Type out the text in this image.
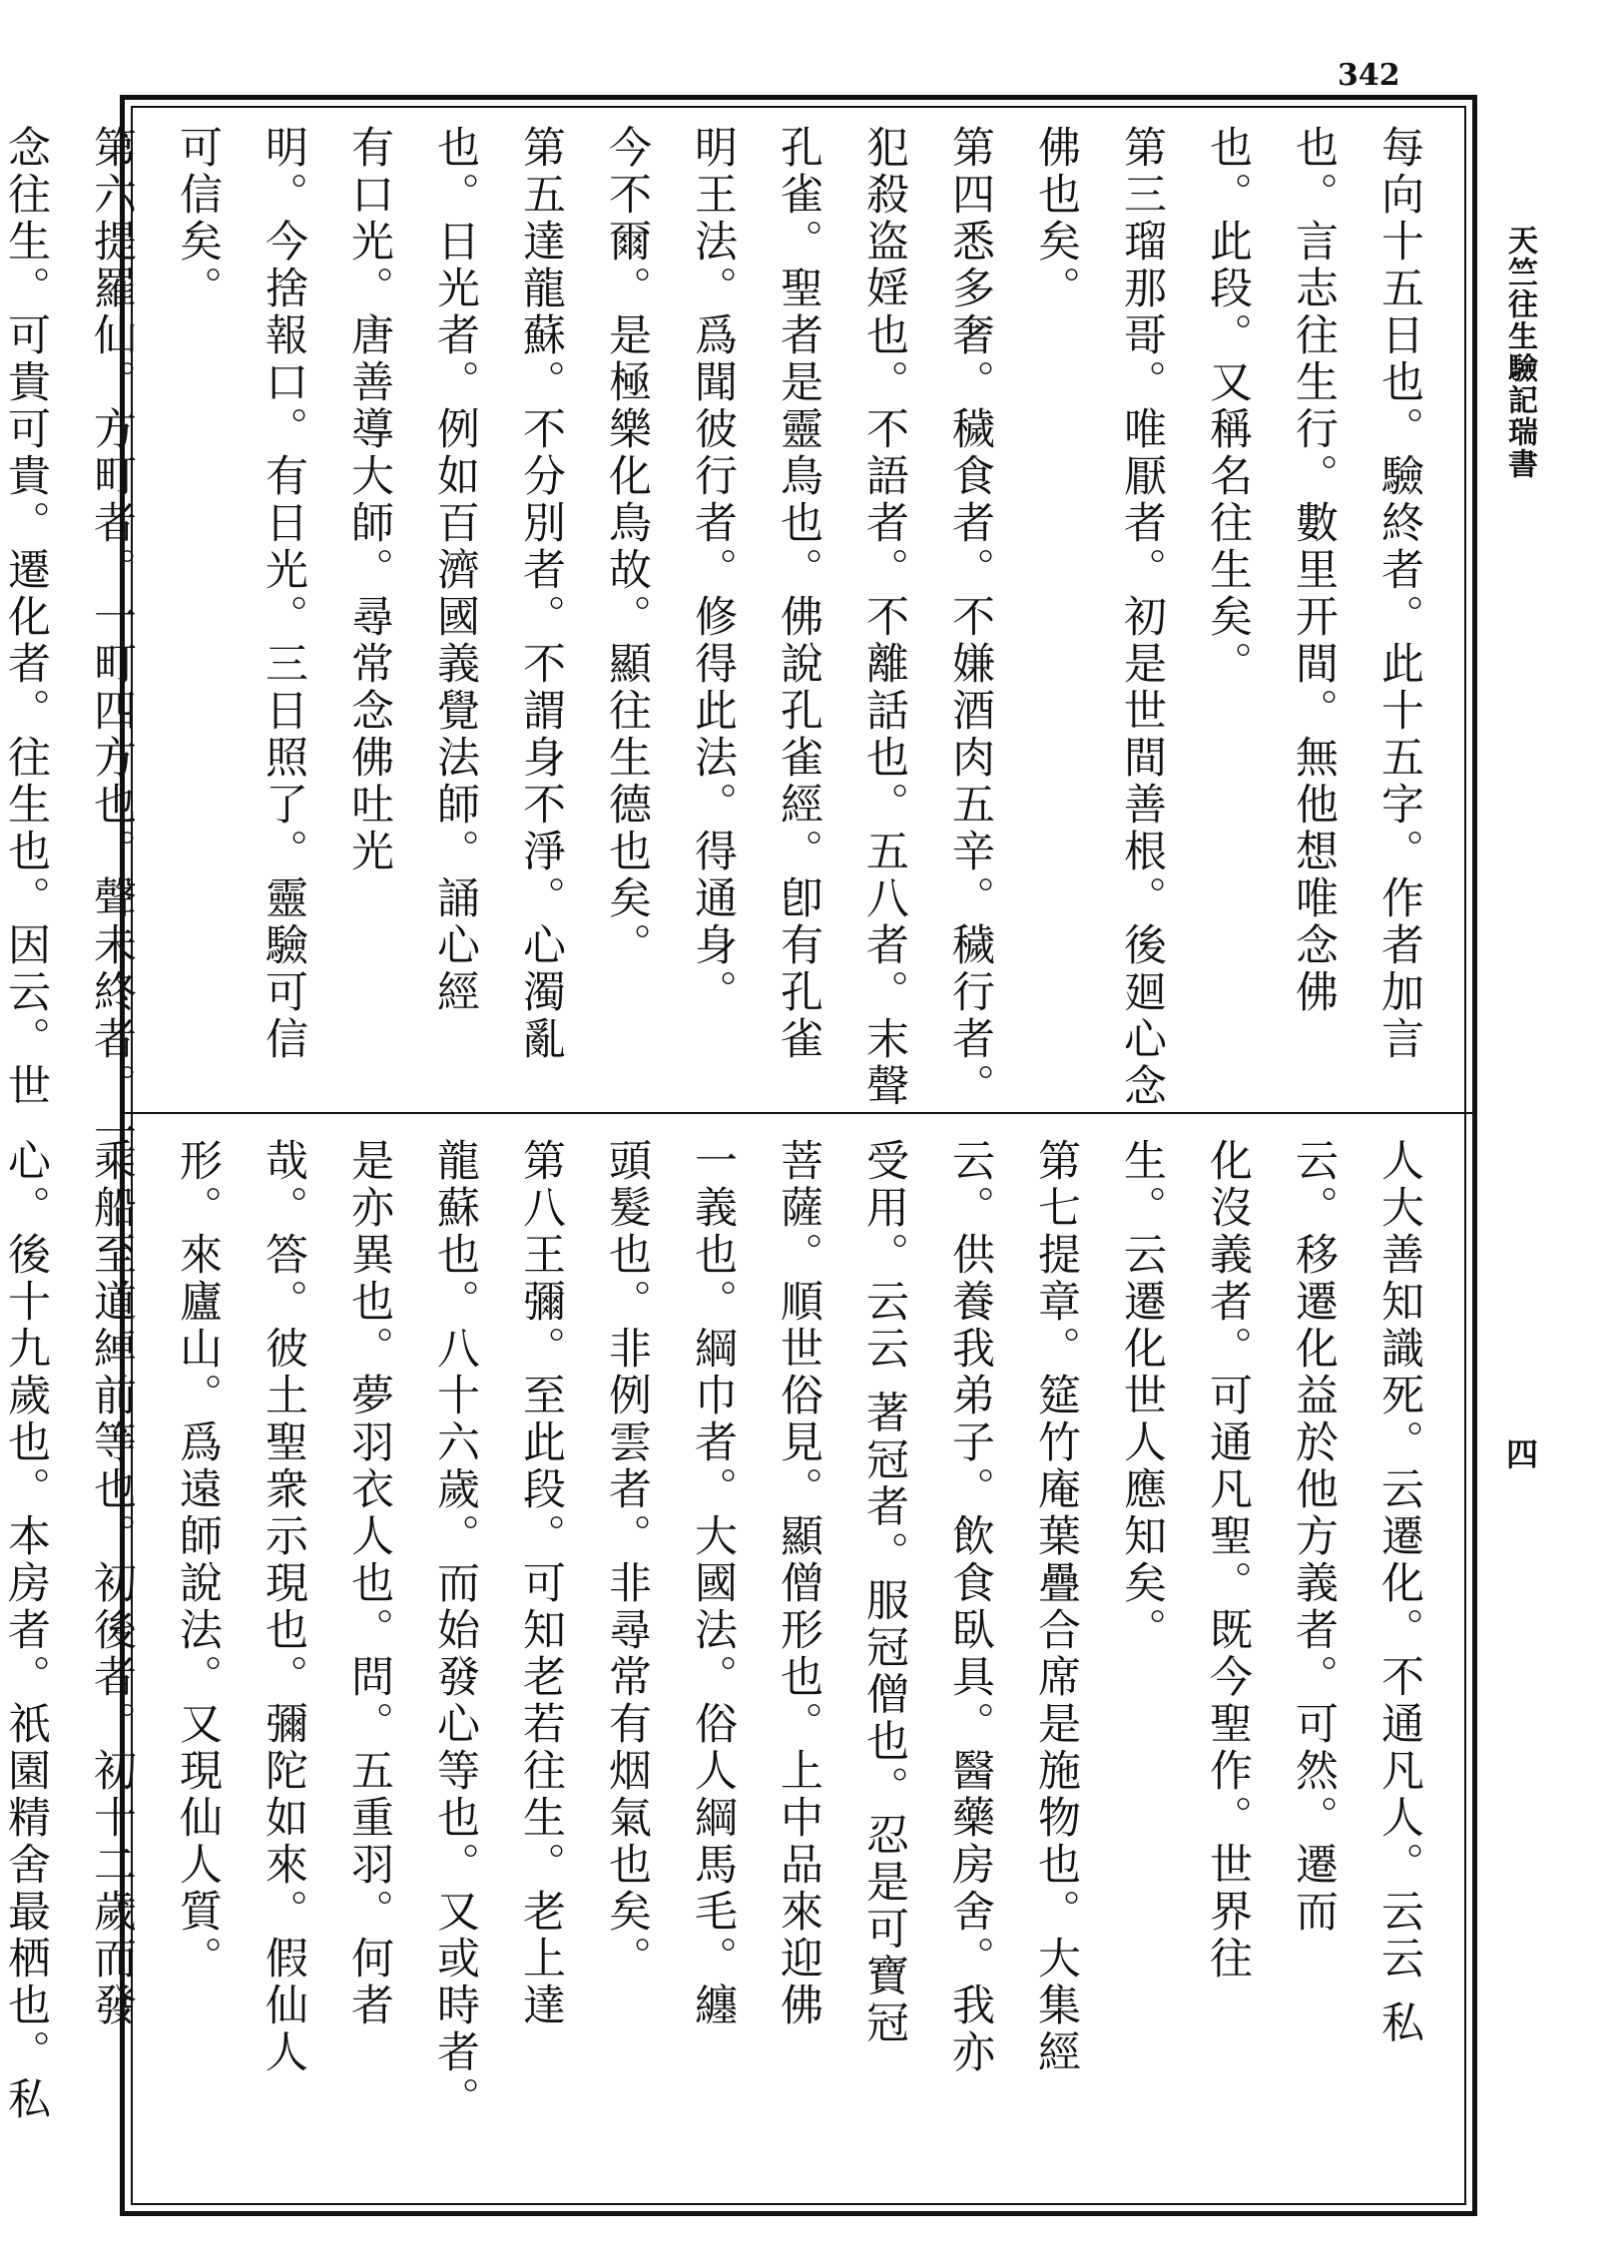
342
每向十五日也。驗終者。此十五字。作者加言
也。言志往生行。數里开間。無他想唯念佛
也。此段。又稱名往生矣。
第三瑠那哥。唯厭者。初是世間善根。後廻心念
佛也矣。
第四悉多奢。穢食者。不嫌酒肉五辛。穢行者。
犯殺盗婬也。不語者。不離話也。五八者。末聲
孔雀。聖者是靈鳥也。佛說孔雀經。卽有孔雀
明王法。爲聞彼行者。修得此法。得通身。
今不爾。是極樂化鳥故。顯往生德也矣。
第五達龍蘇。不分別者。不謂身不淨。心濁亂
也。日光者。例如百濟國義覺法師。誦心經
有口光。唐善導大師。尋常念佛吐光
明。今捨報口。有日光。三日照了。靈驗可信
可信矣。
第六提羅仙。方町者。一町四方也。聲未終者。一
念往生。可貴可貴。遷化者。往生也。因云。世
人大善知識死。云遷化。不通凡人。云云 私
云。移遷化益於他方義者。可然。遷而
化沒義者。可通凡聖。既今聖作。世界往
生。云遷化世人應知矣。
第七提章。筵竹庵葉疊合席是施物也。大集經
云。供養我弟子。飲食臥具。醫藥房舍。我亦
受用。云云 著冠者。服冠僧也。忍是可寶冠
菩薩。順世俗見。顯僧形也。上中品來迎佛
一義也。綱巾者。大國法。俗人綱馬毛。纏
頭髮也。非例雲者。非尋常有烟氣也矣。
第八王彌。至此段。可知老若往生。老上達
龍蘇也。八十六歲。而始發心等也。又或時者。
是亦異也。夢羽衣人也。問。五重羽。何者
哉。答。彼土聖衆示現也。彌陀如來。假仙人
形。來廬山。爲遠師說法。又現仙人質。
乘船至道綽前等也。初後者。初十二歲而發
心。後十九歲也。本房者。祇園精舍最栖也。私
天竺往生驗記瑞書
四
